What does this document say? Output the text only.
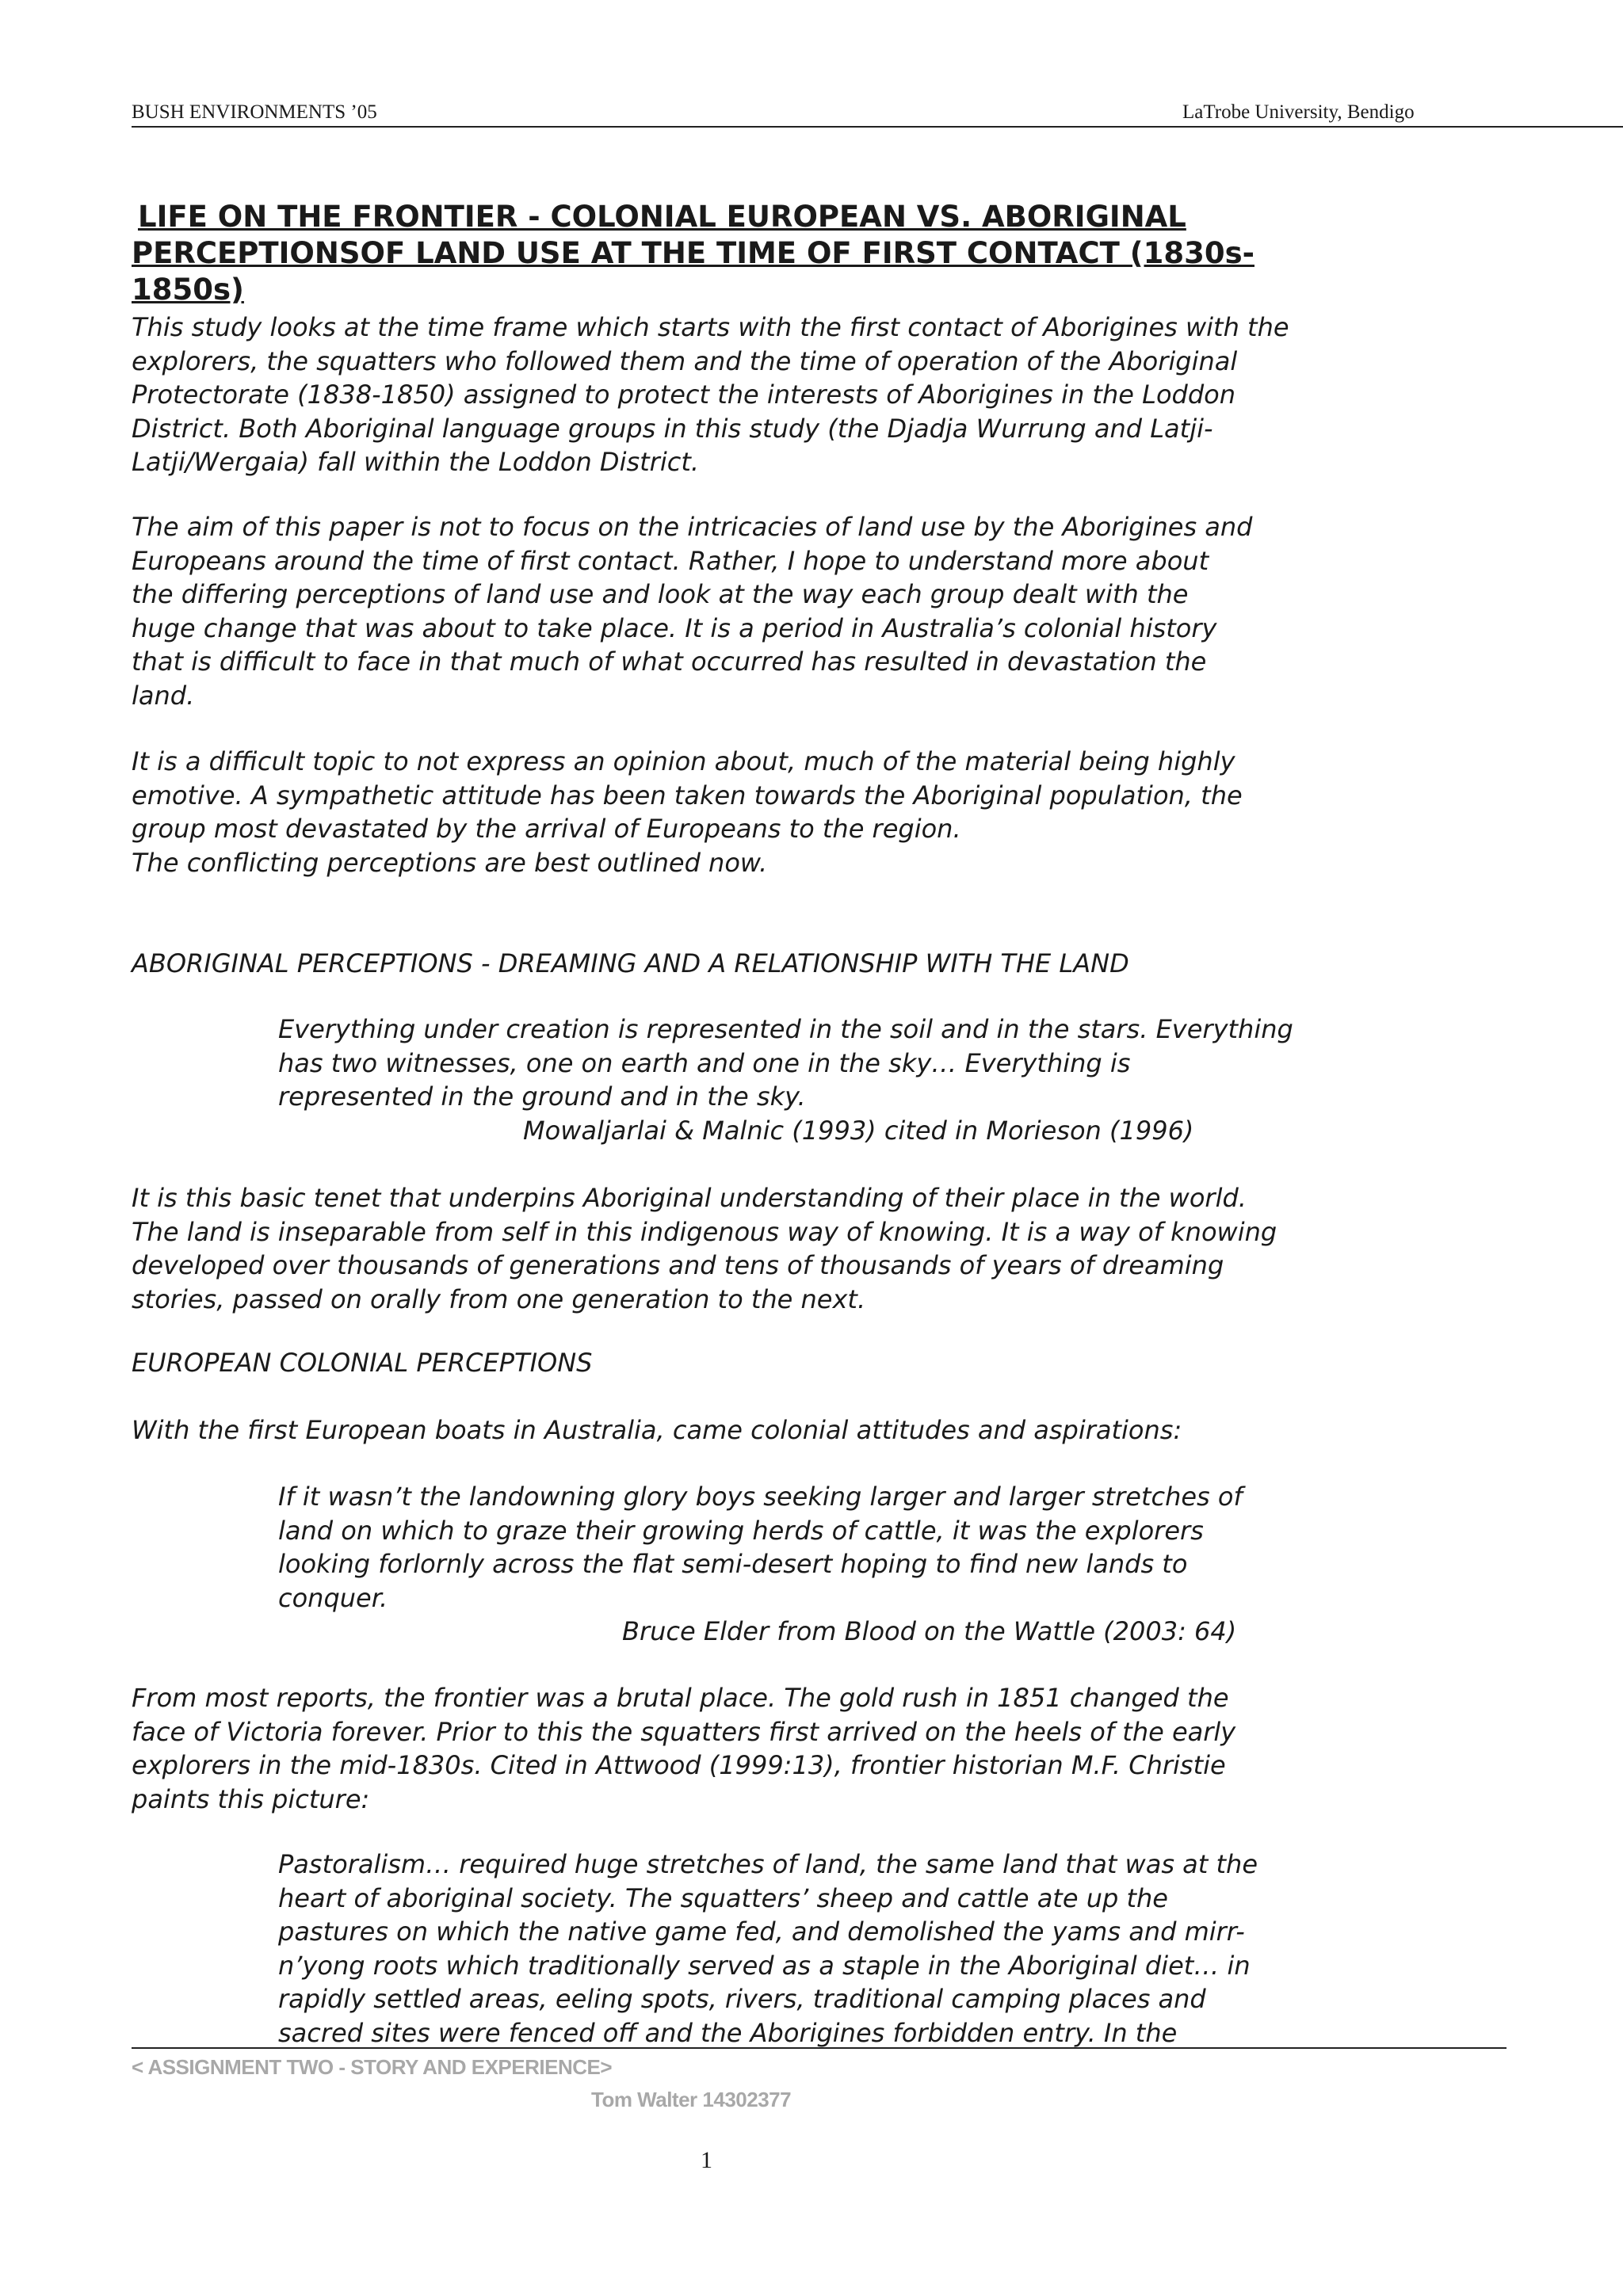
BUSH ENVIRONMENTS ’05	LaTrobe University, Bendigo
LIFE ON THE FRONTIER - COLONIAL EUROPEAN VS. ABORIGINAL
PERCEPTIONSOF LAND USE AT THE TIME OF FIRST CONTACT (1830s-1850s)

This study looks at the time frame which starts with the first contact of Aborigines with the
explorers, the squatters who followed them and the time of operation of the Aboriginal
Protectorate (1838-1850) assigned to protect the interests of Aborigines in the Loddon
District. Both Aboriginal language groups in this study (the Djadja Wurrung and Latji-
Latji/Wergaia) fall within the Loddon District.

The aim of this paper is not to focus on the intricacies of land use by the Aborigines and
Europeans around the time of first contact. Rather, I hope to understand more about
the differing perceptions of land use and look at the way each group dealt with the
huge change that was about to take place. It is a period in Australia’s colonial history
that is difficult to face in that much of what occurred has resulted in devastation the
land.

It is a difficult topic to not express an opinion about, much of the material being highly
emotive. A sympathetic attitude has been taken towards the Aboriginal population, the
group most devastated by the arrival of Europeans to the region.
The conflicting perceptions are best outlined now.

ABORIGINAL PERCEPTIONS - DREAMING AND A RELATIONSHIP WITH THE LAND

Everything under creation is represented in the soil and in the stars. Everything
has two witnesses, one on earth and one in the sky… Everything is
represented in the ground and in the sky.

Mowaljarlai & Malnic (1993) cited in Morieson (1996)

It is this basic tenet that underpins Aboriginal understanding of their place in the world.
The land is inseparable from self in this indigenous way of knowing. It is a way of knowing
developed over thousands of generations and tens of thousands of years of dreaming
stories, passed on orally from one generation to the next.

EUROPEAN COLONIAL PERCEPTIONS

With the first European boats in Australia, came colonial attitudes and aspirations:

If it wasn’t the landowning glory boys seeking larger and larger stretches of
land on which to graze their growing herds of cattle, it was the explorers
looking forlornly across the flat semi-desert hoping to find new lands to
conquer.

Bruce Elder from Blood on the Wattle (2003: 64)

From most reports, the frontier was a brutal place. The gold rush in 1851 changed the
face of Victoria forever. Prior to this the squatters first arrived on the heels of the early
explorers in the mid-1830s. Cited in Attwood (1999:13), frontier historian M.F. Christie
paints this picture:

Pastoralism… required huge stretches of land, the same land that was at the
heart of aboriginal society. The squatters’ sheep and cattle ate up the
pastures on which the native game fed, and demolished the yams and mirr-
n’yong roots which traditionally served as a staple in the Aboriginal diet… in
rapidly settled areas, eeling spots, rivers, traditional camping places and
sacred sites were fenced off and the Aborigines forbidden entry. In the

< ASSIGNMENT TWO - STORY AND EXPERIENCE>
Tom Walter 14302377
1
